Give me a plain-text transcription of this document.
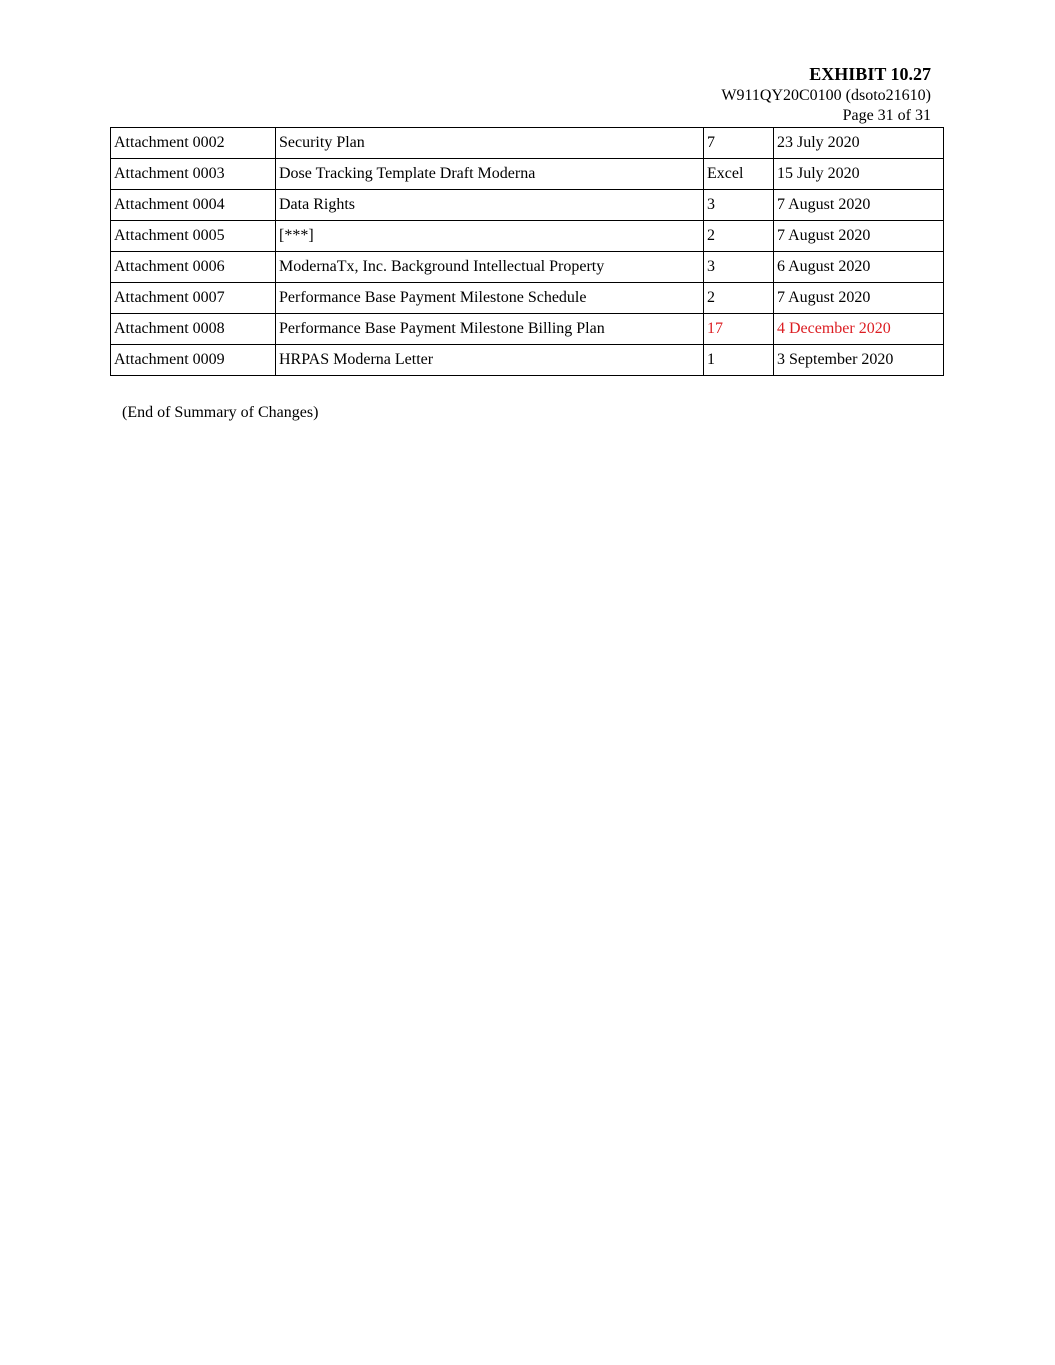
EXHIBIT 10.27
W911QY20C0100 (dsoto21610)
Page 31 of 31
Attachment 0002	Security Plan	7	23 July 2020
Attachment 0003	Dose Tracking Template Draft Moderna	Excel	15 July 2020
Attachment 0004	Data Rights	3	7 August 2020
Attachment 0005	[***]	2	7 August 2020
Attachment 0006	ModernaTx, Inc. Background Intellectual Property	3	6 August 2020
Attachment 0007	Performance Base Payment Milestone Schedule	2	7 August 2020
Attachment 0008	Performance Base Payment Milestone Billing Plan	17	4 December 2020
Attachment 0009	HRPAS Moderna Letter	1	3 September 2020
(End of Summary of Changes)
